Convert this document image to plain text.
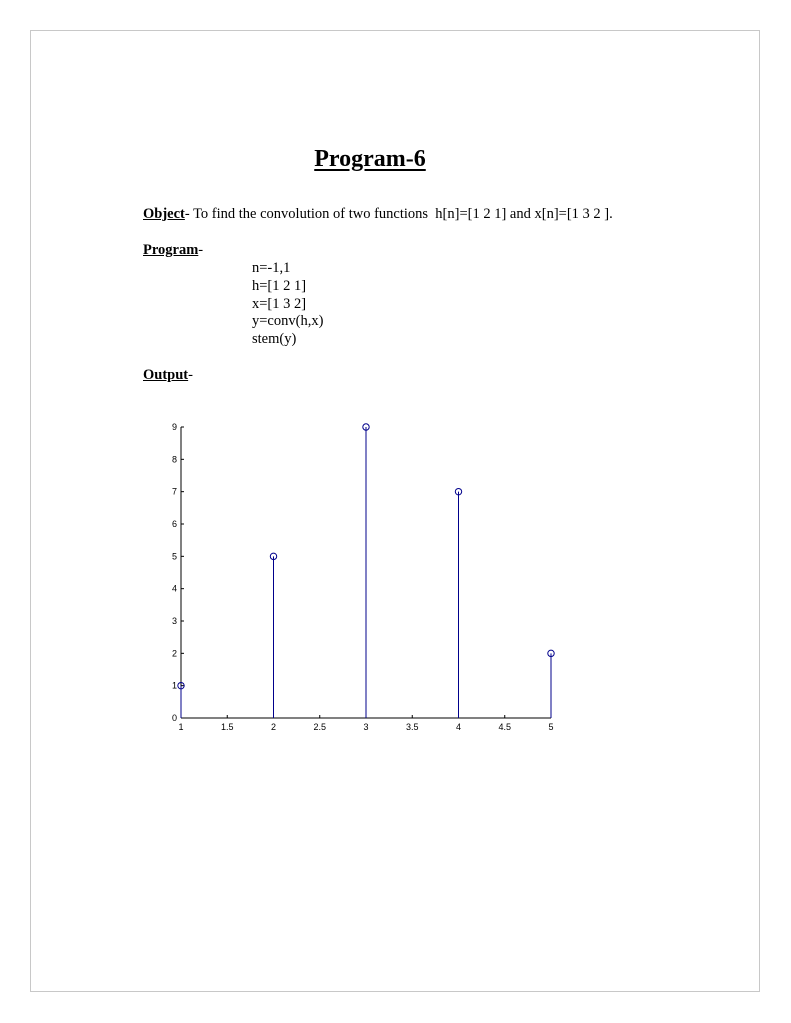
Program-6
Object- To find the convolution of two functions  h[n]=[1 2 1] and x[n]=[1 3 2 ].
Program-
n=-1,1
h=[1 2 1]
x=[1 3 2]
y=conv(h,x)
stem(y)
Output-
0
1
2
3
4
5
6
7
8
9
1	1.5	2	2.5	3	3.5	4	4.5	5
